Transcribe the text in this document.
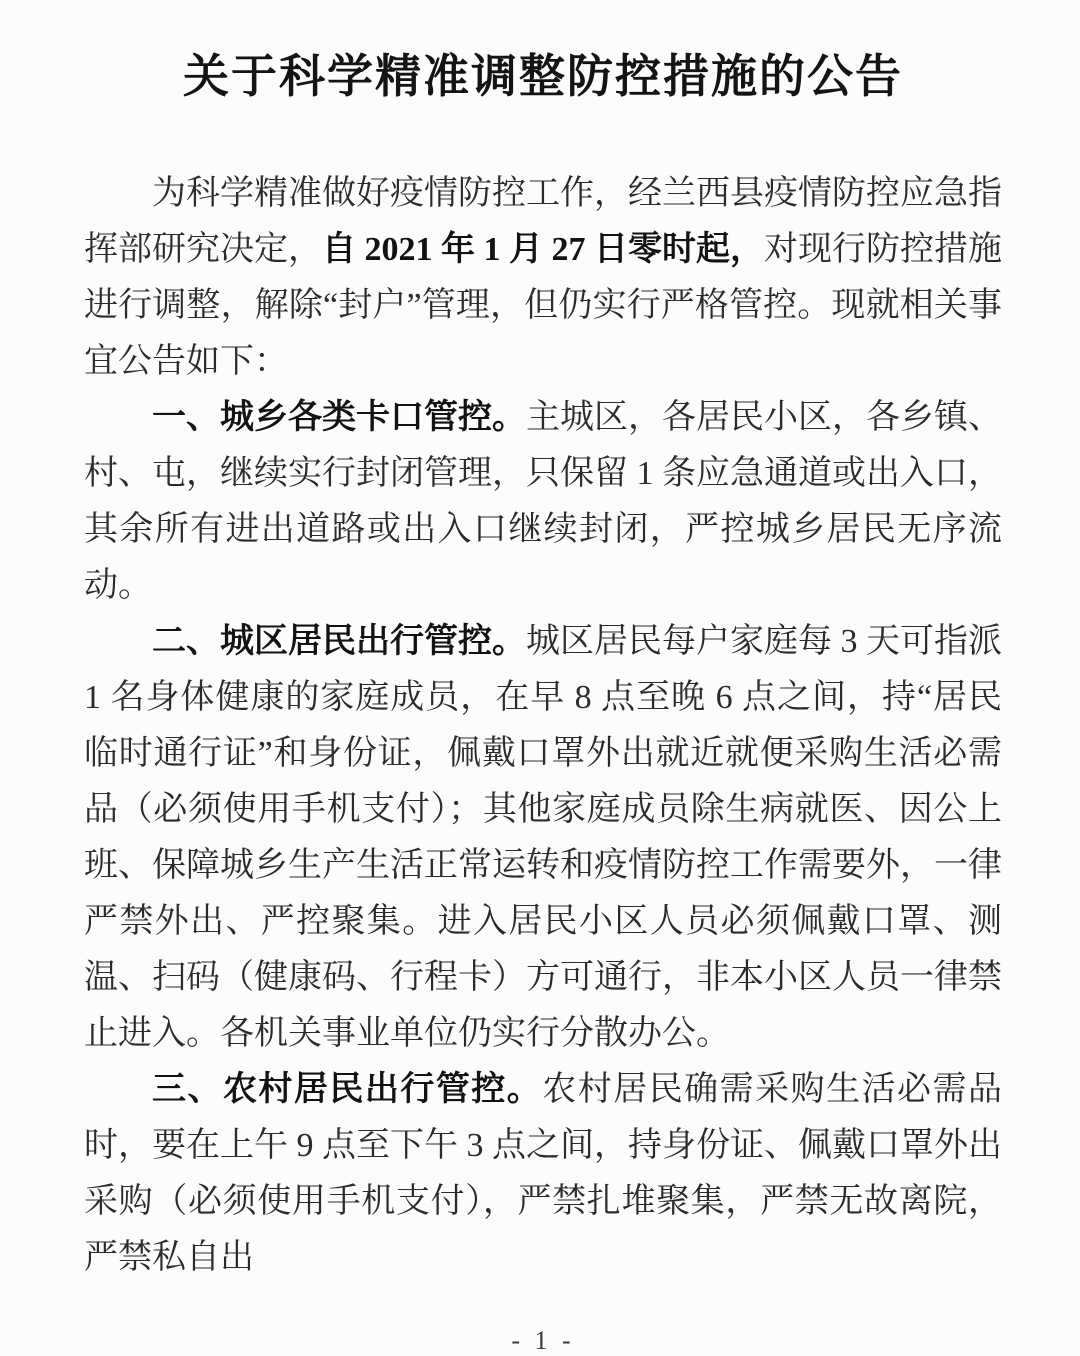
关于科学精准调整防控措施的公告

为科学精准做好疫情防控工作，经兰西县疫情防控应急指挥部研究决定，自 2021 年 1 月 27 日零时起，对现行防控措施进行调整，解除“封户”管理，但仍实行严格管控。现就相关事宜公告如下：

一、城乡各类卡口管控。主城区，各居民小区，各乡镇、村、屯，继续实行封闭管理，只保留 1 条应急通道或出入口，其余所有进出道路或出入口继续封闭，严控城乡居民无序流动。

二、城区居民出行管控。城区居民每户家庭每 3 天可指派 1 名身体健康的家庭成员，在早 8 点至晚 6 点之间，持“居民临时通行证”和身份证，佩戴口罩外出就近就便采购生活必需品（必须使用手机支付）；其他家庭成员除生病就医、因公上班、保障城乡生产生活正常运转和疫情防控工作需要外，一律严禁外出、严控聚集。进入居民小区人员必须佩戴口罩、测温、扫码（健康码、行程卡）方可通行，非本小区人员一律禁止进入。各机关事业单位仍实行分散办公。

三、农村居民出行管控。农村居民确需采购生活必需品时，要在上午 9 点至下午 3 点之间，持身份证、佩戴口罩外出采购（必须使用手机支付），严禁扎堆聚集，严禁无故离院，严禁私自出

- 1 -
